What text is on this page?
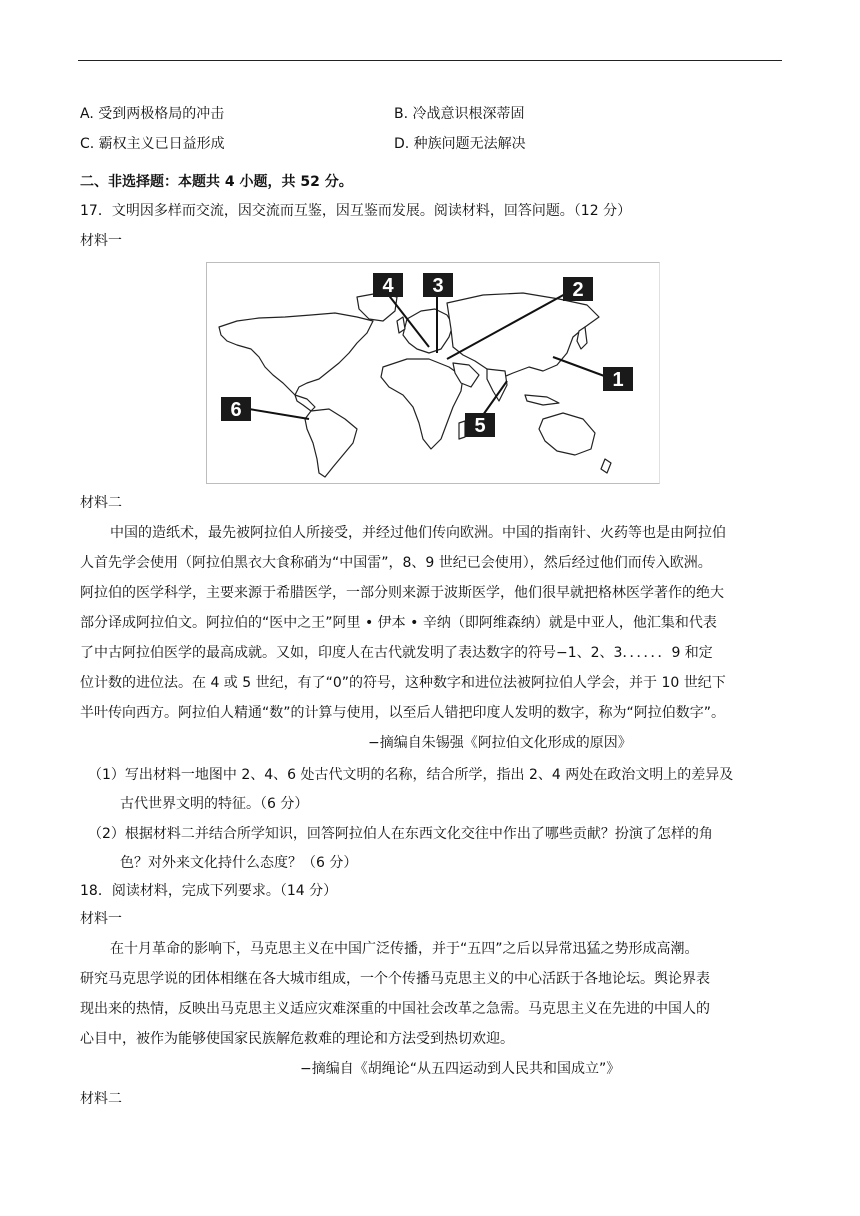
A. 受到两极格局的冲击	B. 冷战意识根深蒂固
C. 霸权主义已日益形成	D. 种族问题无法解决
二、非选择题：本题共 4 小题，共 52 分。
17．文明因多样而交流，因交流而互鉴，因互鉴而发展。阅读材料，回答问题。（12 分）
材料一
4 3	2
1
5
6
材料二
中国的造纸术，最先被阿拉伯人所接受，并经过他们传向欧洲。中国的指南针、火药等也是由阿拉伯
人首先学会使用（阿拉伯黑衣大食称硝为“中国雷”，8、9 世纪已会使用），然后经过他们而传入欧洲。
阿拉伯的医学科学，主要来源于希腊医学，一部分则来源于波斯医学，他们很早就把格林医学著作的绝大
部分译成阿拉伯文。阿拉伯的“医中之王”阿里 • 伊本 • 辛纳（即阿维森纳）就是中亚人，他汇集和代表
了中古阿拉伯医学的最高成就。又如，印度人在古代就发明了表达数字的符号−1、2、3．．．．．．9 和定
位计数的进位法。在 4 或 5 世纪，有了“0”的符号，这种数字和进位法被阿拉伯人学会，并于 10 世纪下
半叶传向西方。阿拉伯人精通“数”的计算与使用，以至后人错把印度人发明的数字，称为“阿拉伯数字”。
−摘编自朱锡强《阿拉伯文化形成的原因》
（1）写出材料一地图中 2、4、6 处古代文明的名称，结合所学，指出 2、4 两处在政治文明上的差异及
古代世界文明的特征。（6 分）
（2）根据材料二并结合所学知识，回答阿拉伯人在东西文化交往中作出了哪些贡献？扮演了怎样的角
色？对外来文化持什么态度？（6 分）
18．阅读材料，完成下列要求。（14 分）
材料一
在十月革命的影响下，马克思主义在中国广泛传播，并于“五四”之后以异常迅猛之势形成高潮。
研究马克思学说的团体相继在各大城市组成，一个个传播马克思主义的中心活跃于各地论坛。舆论界表
现出来的热情，反映出马克思主义适应灾难深重的中国社会改革之急需。马克思主义在先进的中国人的
心目中，被作为能够使国家民族解危救难的理论和方法受到热切欢迎。
−摘编自《胡绳论“从五四运动到人民共和国成立”》
材料二
